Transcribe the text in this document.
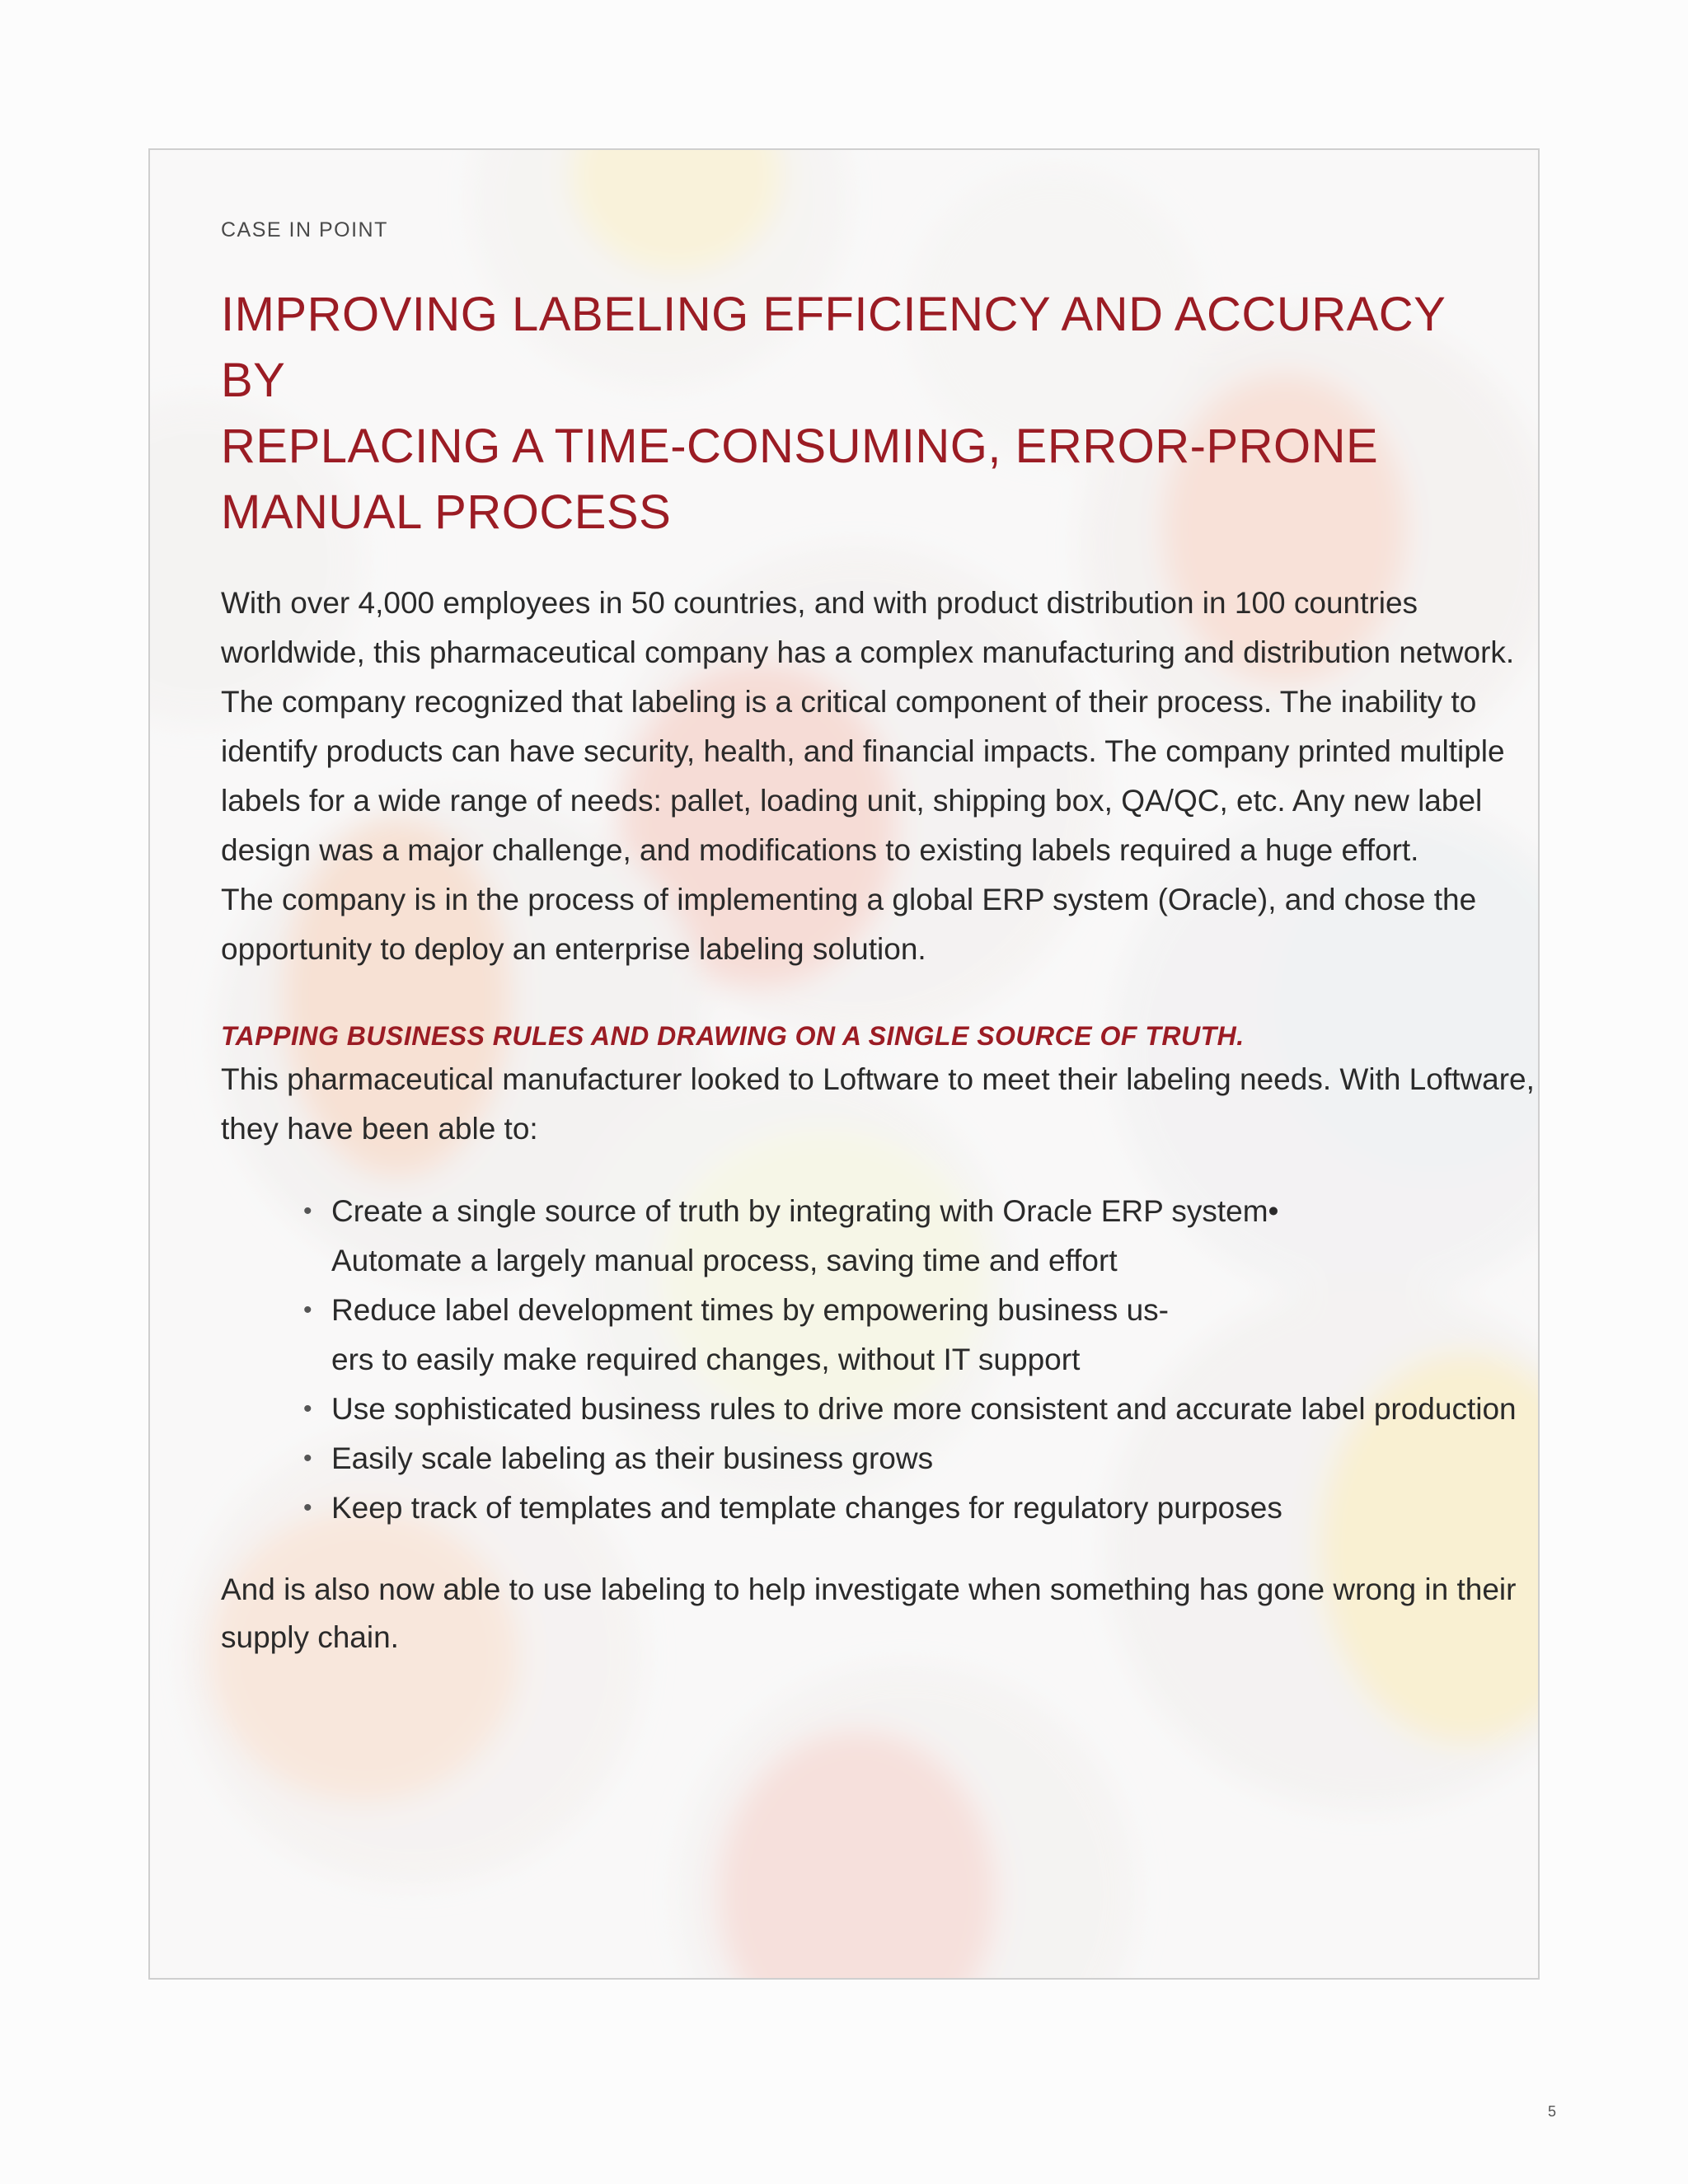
CASE IN POINT

IMPROVING LABELING EFFICIENCY AND ACCURACY BY
REPLACING A TIME-CONSUMING, ERROR-PRONE
MANUAL PROCESS

With over 4,000 employees in 50 countries, and with product distribution in 100 countries
worldwide, this pharmaceutical company has a complex manufacturing and distribution network.
The company recognized that labeling is a critical component of their process. The inability to
identify products can have security, health, and financial impacts. The company printed multiple
labels for a wide range of needs: pallet, loading unit, shipping box, QA/QC, etc. Any new label
design was a major challenge, and modifications to existing labels required a huge effort.
The company is in the process of implementing a global ERP system (Oracle), and chose the
opportunity to deploy an enterprise labeling solution.

TAPPING BUSINESS RULES AND DRAWING ON A SINGLE SOURCE OF TRUTH.

This pharmaceutical manufacturer looked to Loftware to meet their labeling needs. With Loftware,
they have been able to:

• Create a single source of truth by integrating with Oracle ERP system•
Automate a largely manual process, saving time and effort
• Reduce label development times by empowering business us-
ers to easily make required changes, without IT support
• Use sophisticated business rules to drive more consistent and accurate label production
• Easily scale labeling as their business grows
• Keep track of templates and template changes for regulatory purposes

And is also now able to use labeling to help investigate when something has gone wrong in their
supply chain.

5
